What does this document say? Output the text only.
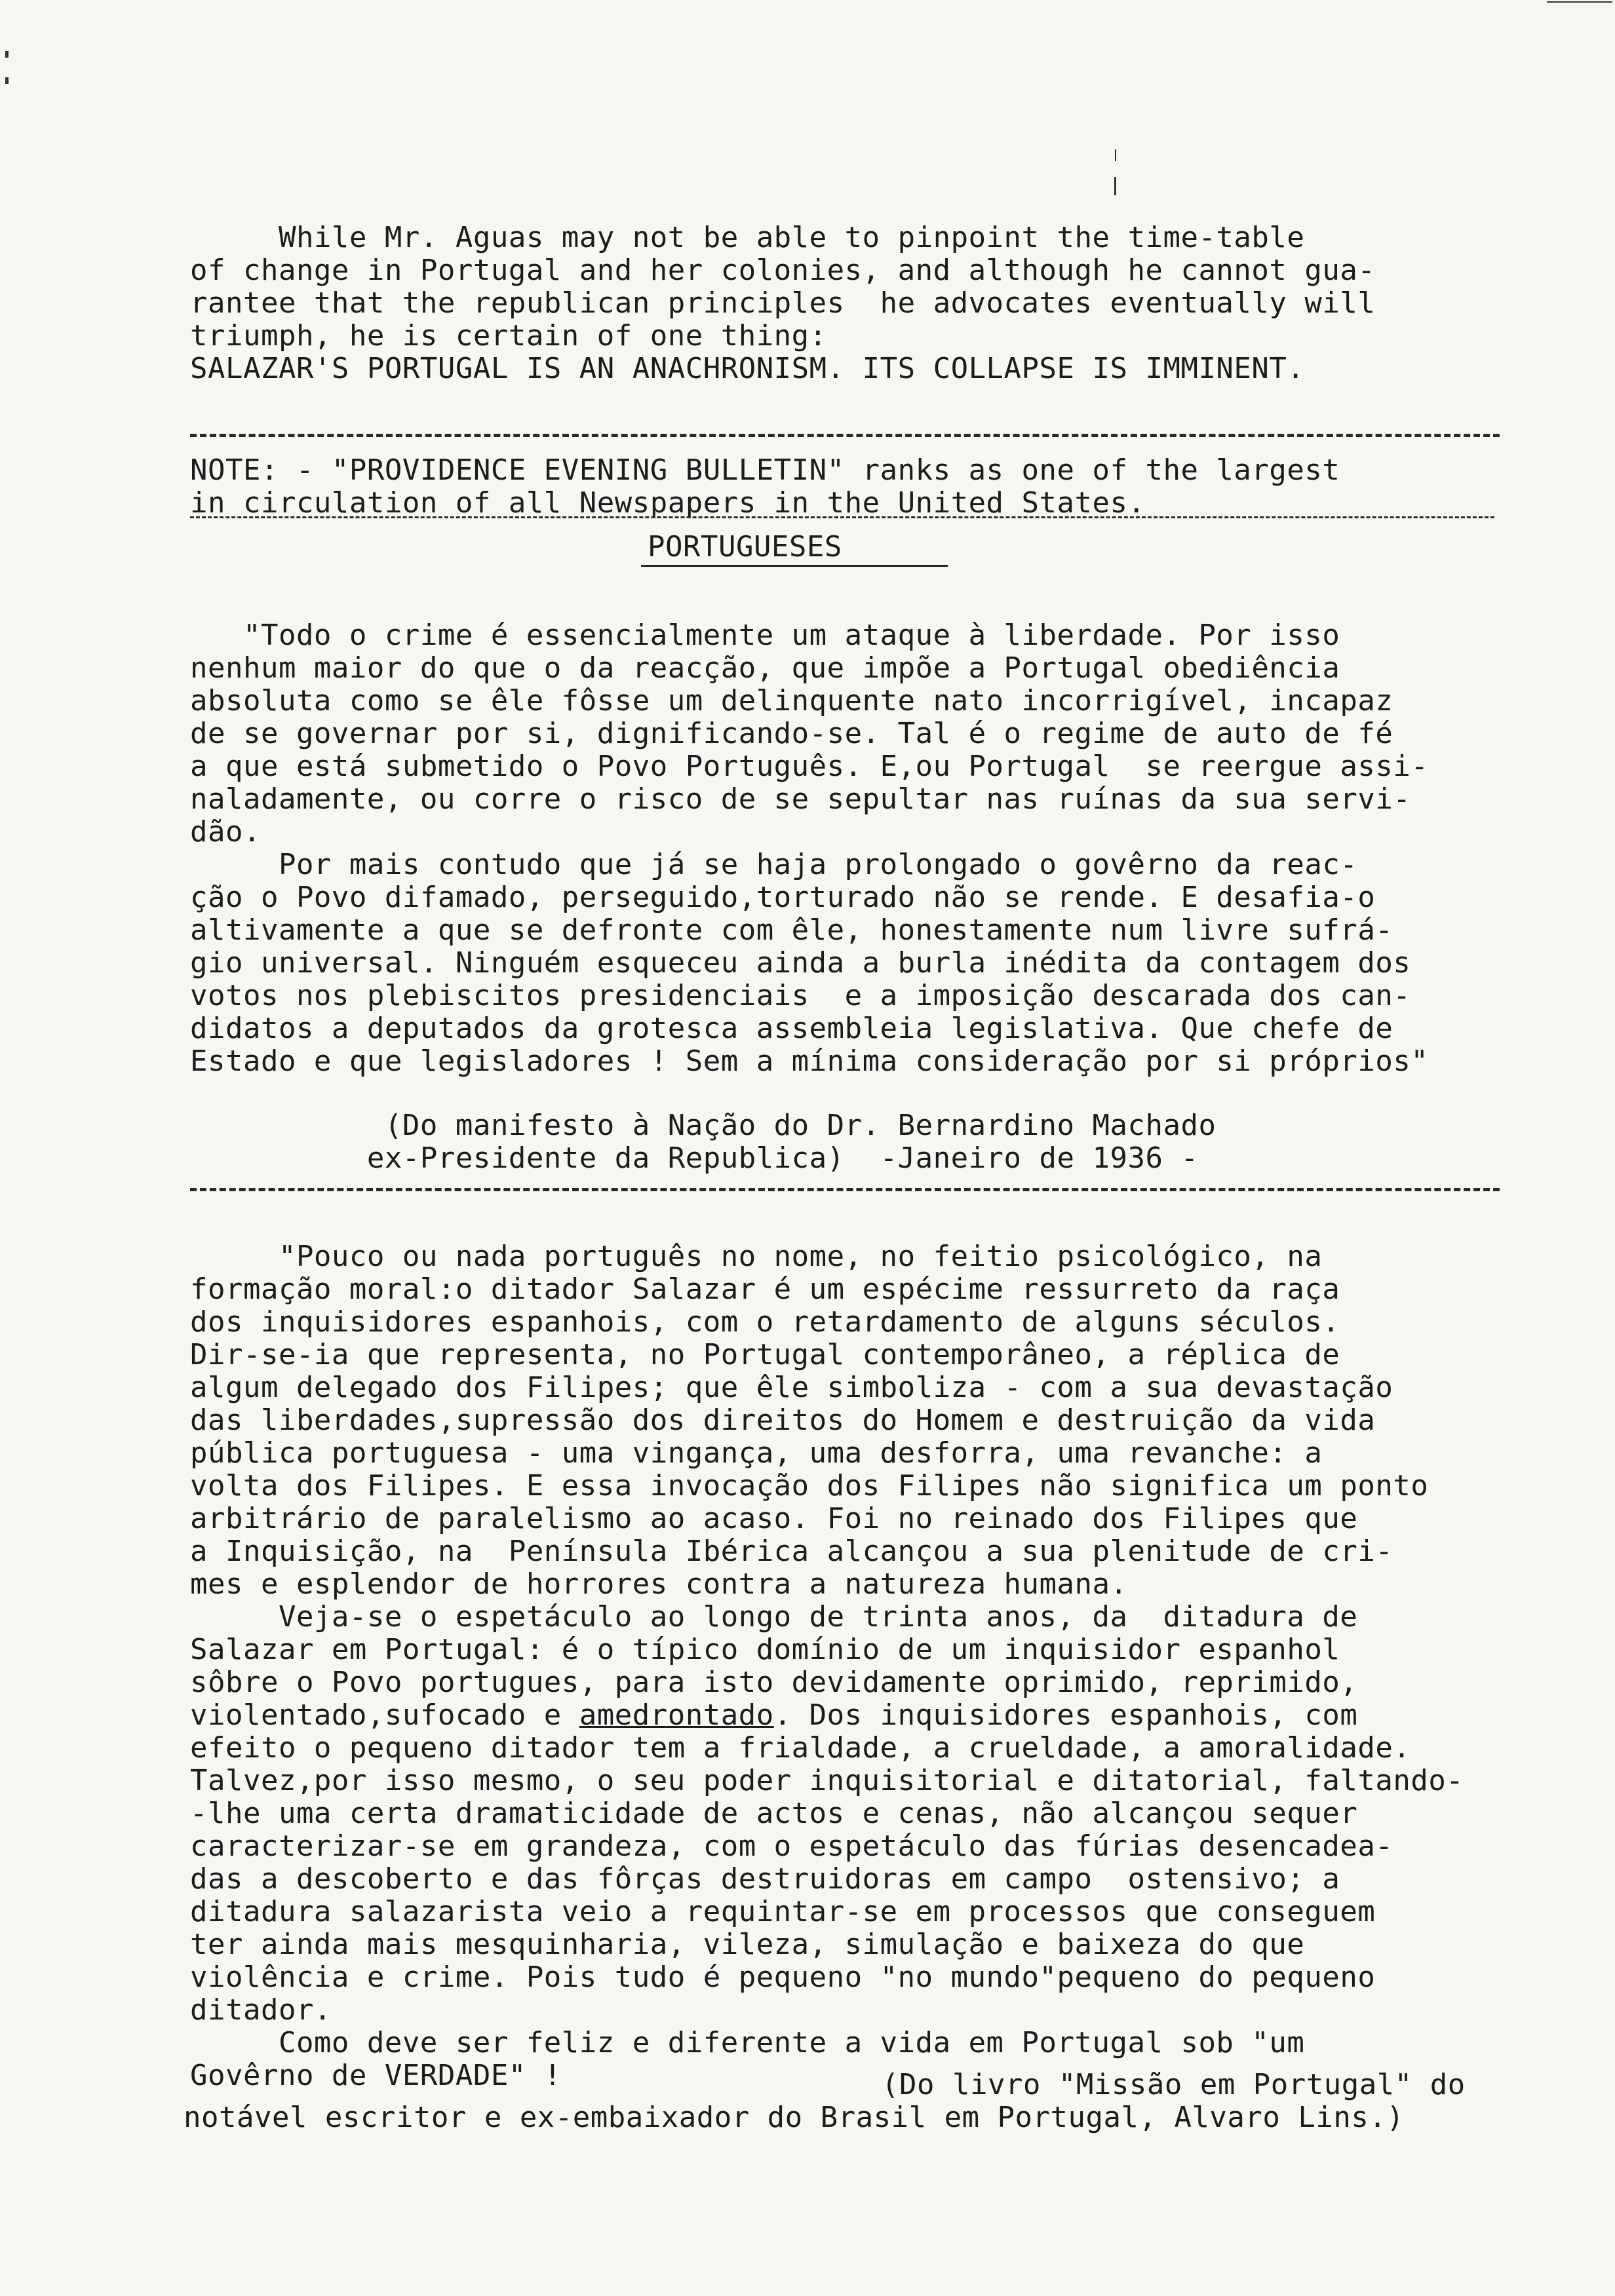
While Mr. Aguas may not be able to pinpoint the time-table
of change in Portugal and her colonies, and although he cannot gua-
rantee that the republican principles  he advocates eventually will
triumph, he is certain of one thing:
SALAZAR'S PORTUGAL IS AN ANACHRONISM. ITS COLLAPSE IS IMMINENT.
NOTE: - "PROVIDENCE EVENING BULLETIN" ranks as one of the largest
in circulation of all Newspapers in the United States.
PORTUGUESES
"Todo o crime é essencialmente um ataque à liberdade. Por isso
nenhum maior do que o da reacção, que impõe a Portugal obediência
absoluta como se êle fôsse um delinquente nato incorrigível, incapaz
de se governar por si, dignificando-se. Tal é o regime de auto de fé
a que está submetido o Povo Português. E,ou Portugal  se reergue assi-
naladamente, ou corre o risco de se sepultar nas ruínas da sua servi-
dão.
Por mais contudo que já se haja prolongado o govêrno da reac-
ção o Povo difamado, perseguido,torturado não se rende. E desafia-o
altivamente a que se defronte com êle, honestamente num livre sufrá-
gio universal. Ninguém esqueceu ainda a burla inédita da contagem dos
votos nos plebiscitos presidenciais  e a imposição descarada dos can-
didatos a deputados da grotesca assembleia legislativa. Que chefe de
Estado e que legisladores ! Sem a mínima consideração por si próprios"
(Do manifesto à Nação do Dr. Bernardino Machado
ex-Presidente da Republica)  -Janeiro de 1936 -
"Pouco ou nada português no nome, no feitio psicológico, na
formação moral:o ditador Salazar é um espécime ressurreto da raça
dos inquisidores espanhois, com o retardamento de alguns séculos.
Dir-se-ia que representa, no Portugal contemporâneo, a réplica de
algum delegado dos Filipes; que êle simboliza - com a sua devastação
das liberdades,supressão dos direitos do Homem e destruição da vida
pública portuguesa - uma vingança, uma desforra, uma revanche: a
volta dos Filipes. E essa invocação dos Filipes não significa um ponto
arbitrário de paralelismo ao acaso. Foi no reinado dos Filipes que
a Inquisição, na  Península Ibérica alcançou a sua plenitude de cri-
mes e esplendor de horrores contra a natureza humana.
Veja-se o espetáculo ao longo de trinta anos, da  ditadura de
Salazar em Portugal: é o típico domínio de um inquisidor espanhol
sôbre o Povo portugues, para isto devidamente oprimido, reprimido,
violentado,sufocado e amedrontado. Dos inquisidores espanhois, com
efeito o pequeno ditador tem a frialdade, a crueldade, a amoralidade.
Talvez,por isso mesmo, o seu poder inquisitorial e ditatorial, faltando-
-lhe uma certa dramaticidade de actos e cenas, não alcançou sequer
caracterizar-se em grandeza, com o espetáculo das fúrias desencadea-
das a descoberto e das fôrças destruidoras em campo  ostensivo; a
ditadura salazarista veio a requintar-se em processos que conseguem
ter ainda mais mesquinharia, vileza, simulação e baixeza do que
violência e crime. Pois tudo é pequeno "no mundo"pequeno do pequeno
ditador.
Como deve ser feliz e diferente a vida em Portugal sob "um
Govêrno de VERDADE" !	(Do livro "Missão em Portugal" do
notável escritor e ex-embaixador do Brasil em Portugal, Alvaro Lins.)
